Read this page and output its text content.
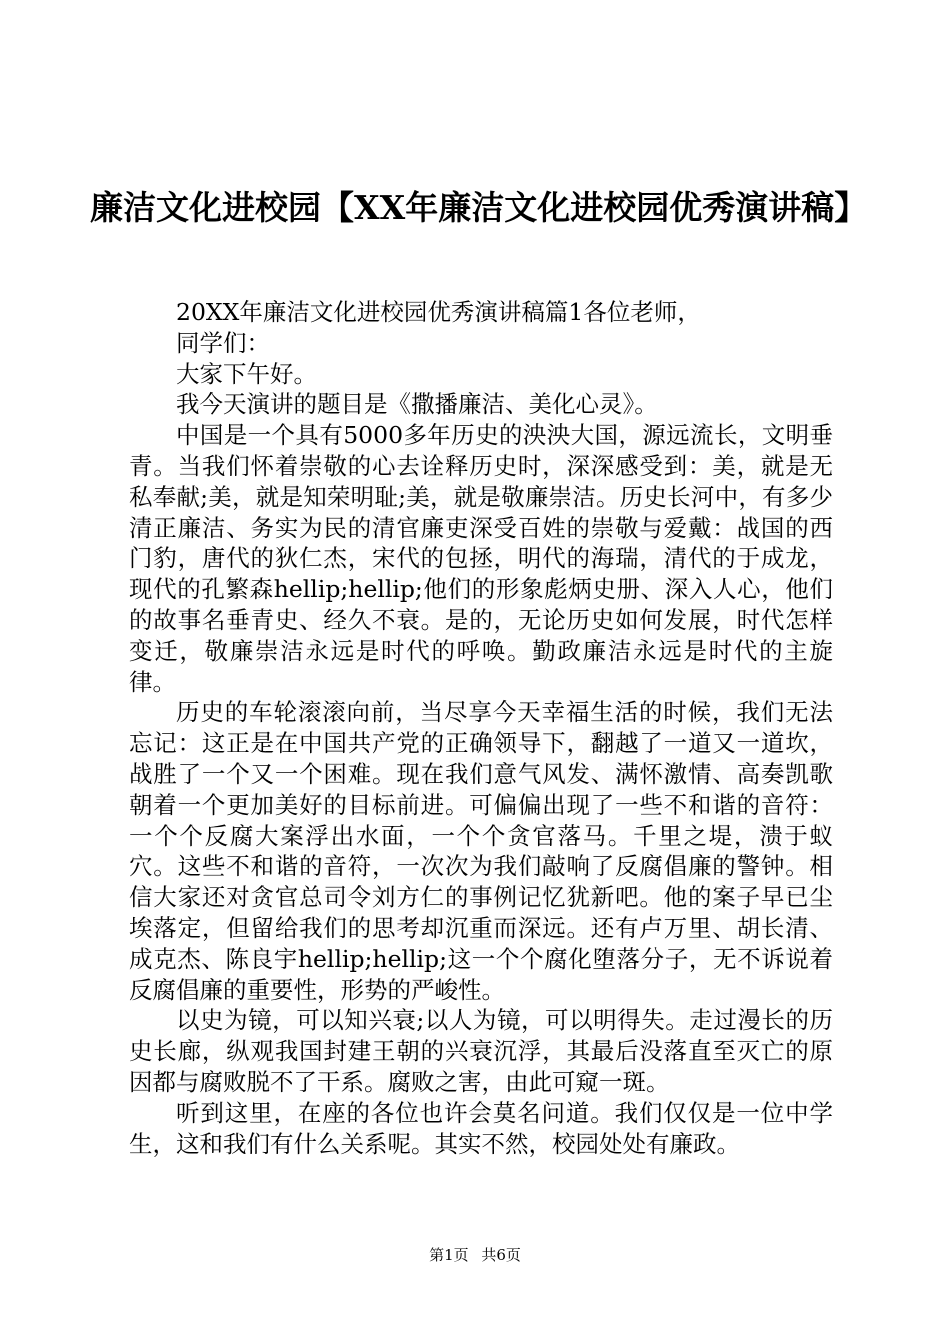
廉洁文化进校园【XX年廉洁文化进校园优秀演讲稿】

20XX年廉洁文化进校园优秀演讲稿篇1各位老师，

同学们：

大家下午好。

我今天演讲的题目是《撒播廉洁、美化心灵》。

中国是一个具有5000多年历史的泱泱大国，源远流长，文明垂青。当我们怀着崇敬的心去诠释历史时，深深感受到：美，就是无私奉献;美，就是知荣明耻;美，就是敬廉崇洁。历史长河中，有多少清正廉洁、务实为民的清官廉吏深受百姓的崇敬与爱戴：战国的西门豹，唐代的狄仁杰，宋代的包拯，明代的海瑞，清代的于成龙，现代的孔繁森hellip;hellip;他们的形象彪炳史册、深入人心，他们的故事名垂青史、经久不衰。是的，无论历史如何发展，时代怎样变迁，敬廉崇洁永远是时代的呼唤。勤政廉洁永远是时代的主旋律。

历史的车轮滚滚向前，当尽享今天幸福生活的时候，我们无法忘记：这正是在中国共产党的正确领导下，翻越了一道又一道坎，战胜了一个又一个困难。现在我们意气风发、满怀激情、高奏凯歌朝着一个更加美好的目标前进。可偏偏出现了一些不和谐的音符：一个个反腐大案浮出水面，一个个贪官落马。千里之堤，溃于蚁穴。这些不和谐的音符，一次次为我们敲响了反腐倡廉的警钟。相信大家还对贪官总司令刘方仁的事例记忆犹新吧。他的案子早已尘埃落定，但留给我们的思考却沉重而深远。还有卢万里、胡长清、成克杰、陈良宇hellip;hellip;这一个个腐化堕落分子，无不诉说着反腐倡廉的重要性，形势的严峻性。

以史为镜，可以知兴衰;以人为镜，可以明得失。走过漫长的历史长廊，纵观我国封建王朝的兴衰沉浮，其最后没落直至灭亡的原因都与腐败脱不了干系。腐败之害，由此可窥一斑。

听到这里，在座的各位也许会莫名问道。我们仅仅是一位中学生，这和我们有什么关系呢。其实不然，校园处处有廉政。

第1页 共6页
